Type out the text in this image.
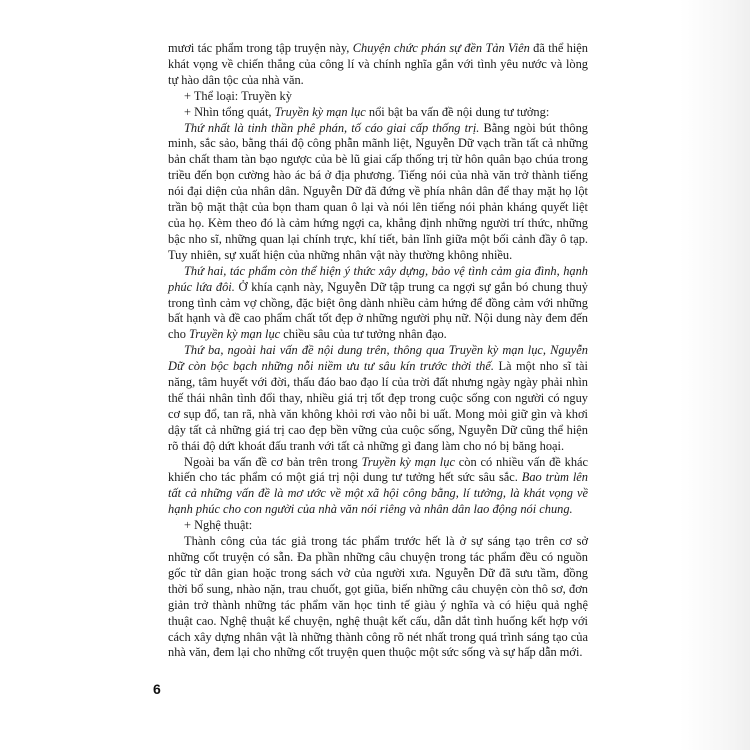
mươi tác phẩm trong tập truyện này, Chuyện chức phán sự đền Tản Viên đã thể hiện khát vọng về chiến thắng của công lí và chính nghĩa gắn với tình yêu nước và lòng tự hào dân tộc của nhà văn.

+ Thể loại: Truyền kỳ

+ Nhìn tổng quát, Truyền kỳ mạn lục nổi bật ba vấn đề nội dung tư tưởng:

Thứ nhất là tinh thần phê phán, tố cáo giai cấp thống trị. Bằng ngòi bút thông minh, sắc sảo, bằng thái độ công phẫn mãnh liệt, Nguyễn Dữ vạch trần tất cả những bản chất tham tàn bạo ngược của bè lũ giai cấp thống trị từ hôn quân bạo chúa trong triều đến bọn cường hào ác bá ở địa phương. Tiếng nói của nhà văn trở thành tiếng nói đại diện của nhân dân. Nguyễn Dữ đã đứng về phía nhân dân để thay mặt họ lột trần bộ mặt thật của bọn tham quan ô lại và nói lên tiếng nói phản kháng quyết liệt của họ. Kèm theo đó là cảm hứng ngợi ca, khẳng định những người trí thức, những bậc nho sĩ, những quan lại chính trực, khí tiết, bản lĩnh giữa một bối cảnh đầy ô tạp. Tuy nhiên, sự xuất hiện của những nhân vật này thường không nhiều.

Thứ hai, tác phẩm còn thể hiện ý thức xây dựng, bảo vệ tình cảm gia đình, hạnh phúc lứa đôi. Ở khía cạnh này, Nguyễn Dữ tập trung ca ngợi sự gắn bó chung thuỷ trong tình cảm vợ chồng, đặc biệt ông dành nhiều cảm hứng để đồng cảm với những bất hạnh và đề cao phẩm chất tốt đẹp ở những người phụ nữ. Nội dung này đem đến cho Truyền kỳ mạn lục chiều sâu của tư tưởng nhân đạo.

Thứ ba, ngoài hai vấn đề nội dung trên, thông qua Truyền kỳ mạn lục, Nguyễn Dữ còn bộc bạch những nỗi niềm ưu tư sâu kín trước thời thế. Là một nho sĩ tài năng, tâm huyết với đời, thấu đáo bao đạo lí của trời đất nhưng ngày ngày phải nhìn thế thái nhân tình đổi thay, nhiều giá trị tốt đẹp trong cuộc sống con người có nguy cơ sụp đổ, tan rã, nhà văn không khỏi rơi vào nỗi bi uất. Mong mỏi giữ gìn và khơi dậy tất cả những giá trị cao đẹp bền vững của cuộc sống, Nguyễn Dữ cũng thể hiện rõ thái độ dứt khoát đấu tranh với tất cả những gì đang làm cho nó bị băng hoại.

Ngoài ba vấn đề cơ bản trên trong Truyền kỳ mạn lục còn có nhiều vấn đề khác khiến cho tác phẩm có một giá trị nội dung tư tưởng hết sức sâu sắc. Bao trùm lên tất cả những vấn đề là mơ ước về một xã hội công bằng, lí tưởng, là khát vọng về hạnh phúc cho con người của nhà văn nói riêng và nhân dân lao động nói chung.

+ Nghệ thuật:

Thành công của tác giả trong tác phẩm trước hết là ở sự sáng tạo trên cơ sở những cốt truyện có sẵn. Đa phần những câu chuyện trong tác phẩm đều có nguồn gốc từ dân gian hoặc trong sách vở của người xưa. Nguyễn Dữ đã sưu tầm, đồng thời bổ sung, nhào nặn, trau chuốt, gọt giũa, biến những câu chuyện còn thô sơ, đơn giản trở thành những tác phẩm văn học tinh tế giàu ý nghĩa và có hiệu quả nghệ thuật cao. Nghệ thuật kể chuyện, nghệ thuật kết cấu, dẫn dắt tình huống kết hợp với cách xây dựng nhân vật là những thành công rõ nét nhất trong quá trình sáng tạo của nhà văn, đem lại cho những cốt truyện quen thuộc một sức sống và sự hấp dẫn mới.

6
